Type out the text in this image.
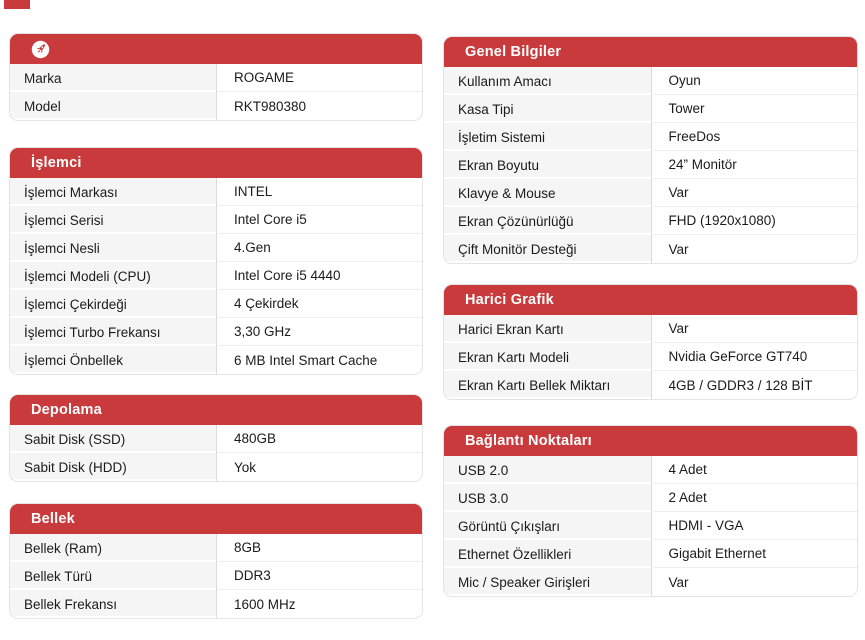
Marka	ROGAME
Model	RKT980380
İşlemci
İşlemci Markası	INTEL
İşlemci Serisi	Intel Core i5
İşlemci Nesli	4.Gen
İşlemci Modeli (CPU)	Intel Core i5 4440
İşlemci Çekirdeği	4 Çekirdek
İşlemci Turbo Frekansı	3,30 GHz
İşlemci Önbellek	6 MB Intel Smart Cache
Depolama
Sabit Disk (SSD)	480GB
Sabit Disk (HDD)	Yok
Bellek
Bellek (Ram)	8GB
Bellek Türü	DDR3
Bellek Frekansı	1600 MHz
Genel Bilgiler
Kullanım Amacı	Oyun
Kasa Tipi	Tower
İşletim Sistemi	FreeDos
Ekran Boyutu	24” Monitör
Klavye & Mouse	Var
Ekran Çözünürlüğü	FHD (1920x1080)
Çift Monitör Desteği	Var
Harici Grafik
Harici Ekran Kartı	Var
Ekran Kartı Modeli	Nvidia GeForce GT740
Ekran Kartı Bellek Miktarı	4GB / GDDR3 / 128 BİT
Bağlantı Noktaları
USB 2.0	4 Adet
USB 3.0	2 Adet
Görüntü Çıkışları	HDMI - VGA
Ethernet Özellikleri	Gigabit Ethernet
Mic / Speaker Girişleri	Var
